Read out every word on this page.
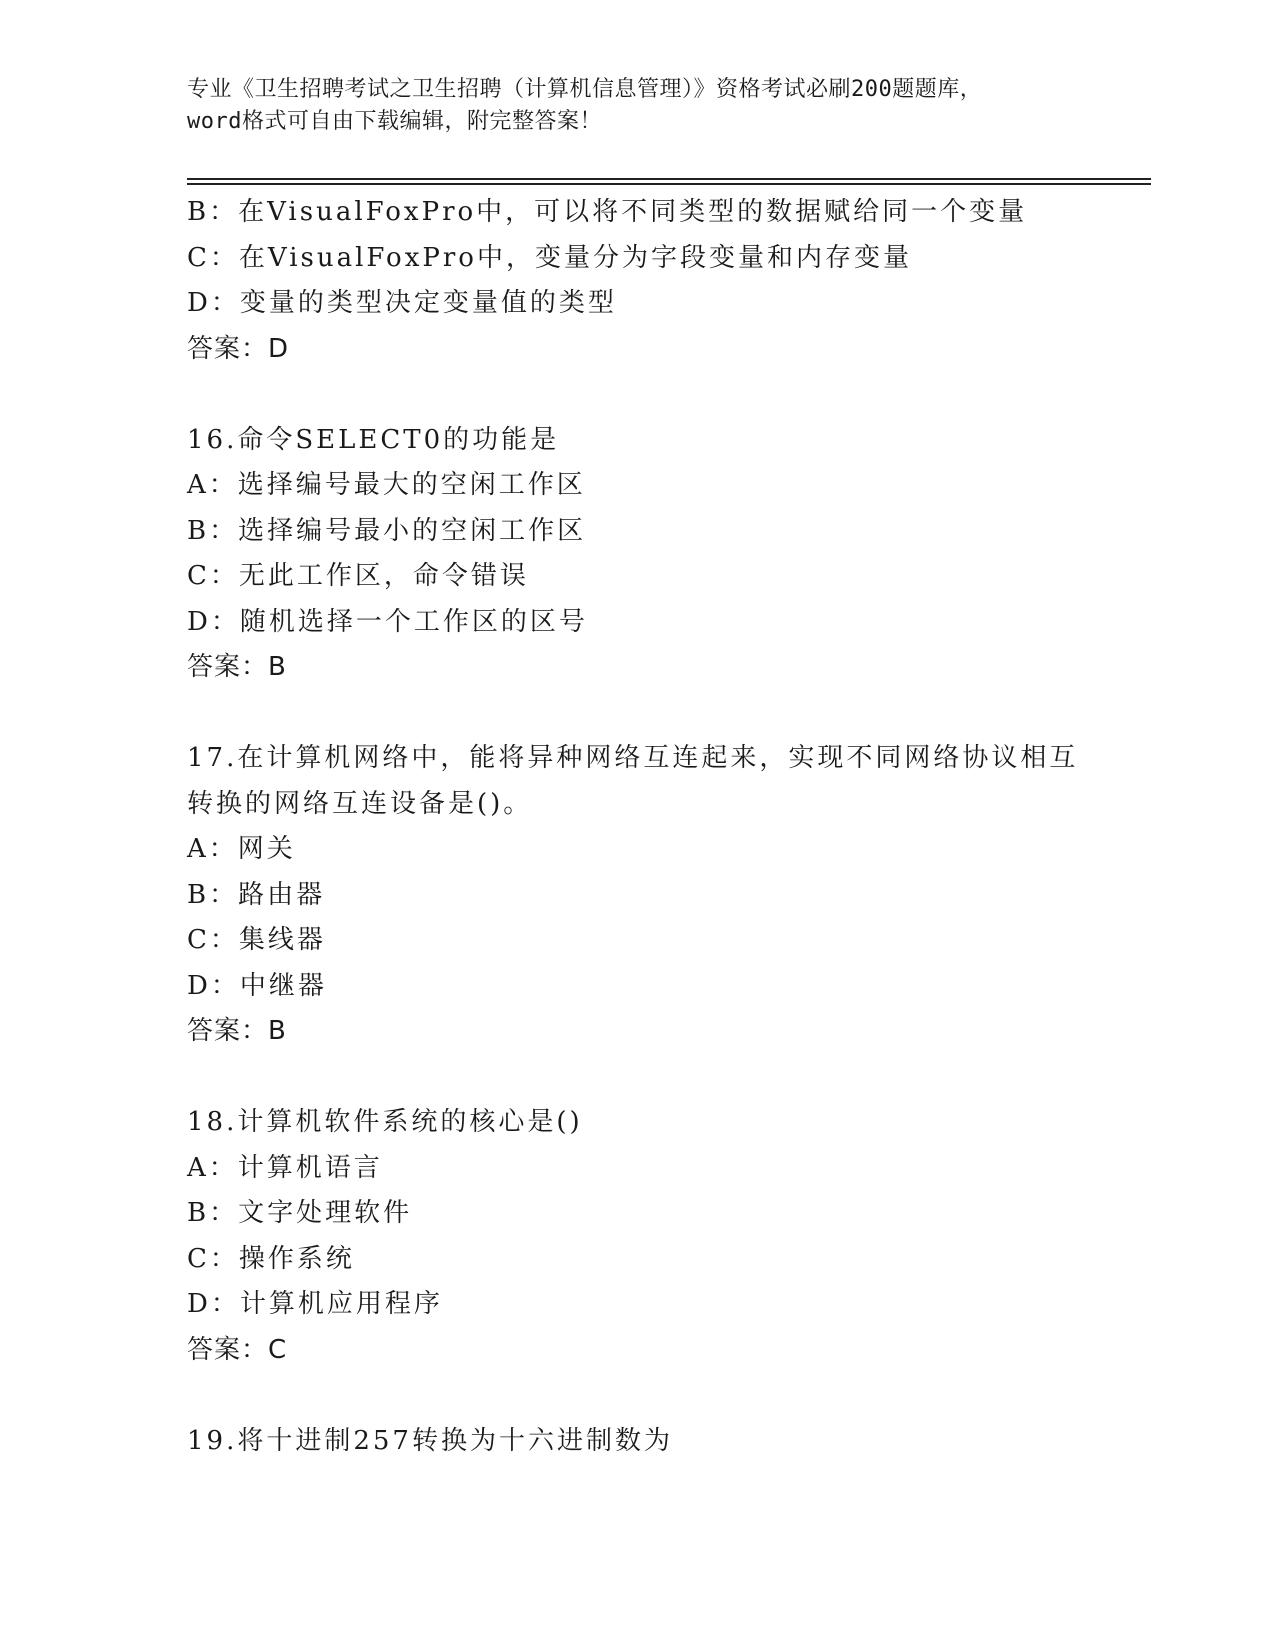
专业《卫生招聘考试之卫生招聘（计算机信息管理）》资格考试必刷200题题库，
word格式可自由下载编辑，附完整答案！
B：在VisualFoxPro中，可以将不同类型的数据赋给同一个变量
C：在VisualFoxPro中，变量分为字段变量和内存变量
D：变量的类型决定变量值的类型
答案：D
16.命令SELECT0的功能是
A：选择编号最大的空闲工作区
B：选择编号最小的空闲工作区
C：无此工作区，命令错误
D：随机选择一个工作区的区号
答案：B
17.在计算机网络中，能将异种网络互连起来，实现不同网络协议相互
转换的网络互连设备是()。
A：网关
B：路由器
C：集线器
D：中继器
答案：B
18.计算机软件系统的核心是()
A：计算机语言
B：文字处理软件
C：操作系统
D：计算机应用程序
答案：C
19.将十进制257转换为十六进制数为
